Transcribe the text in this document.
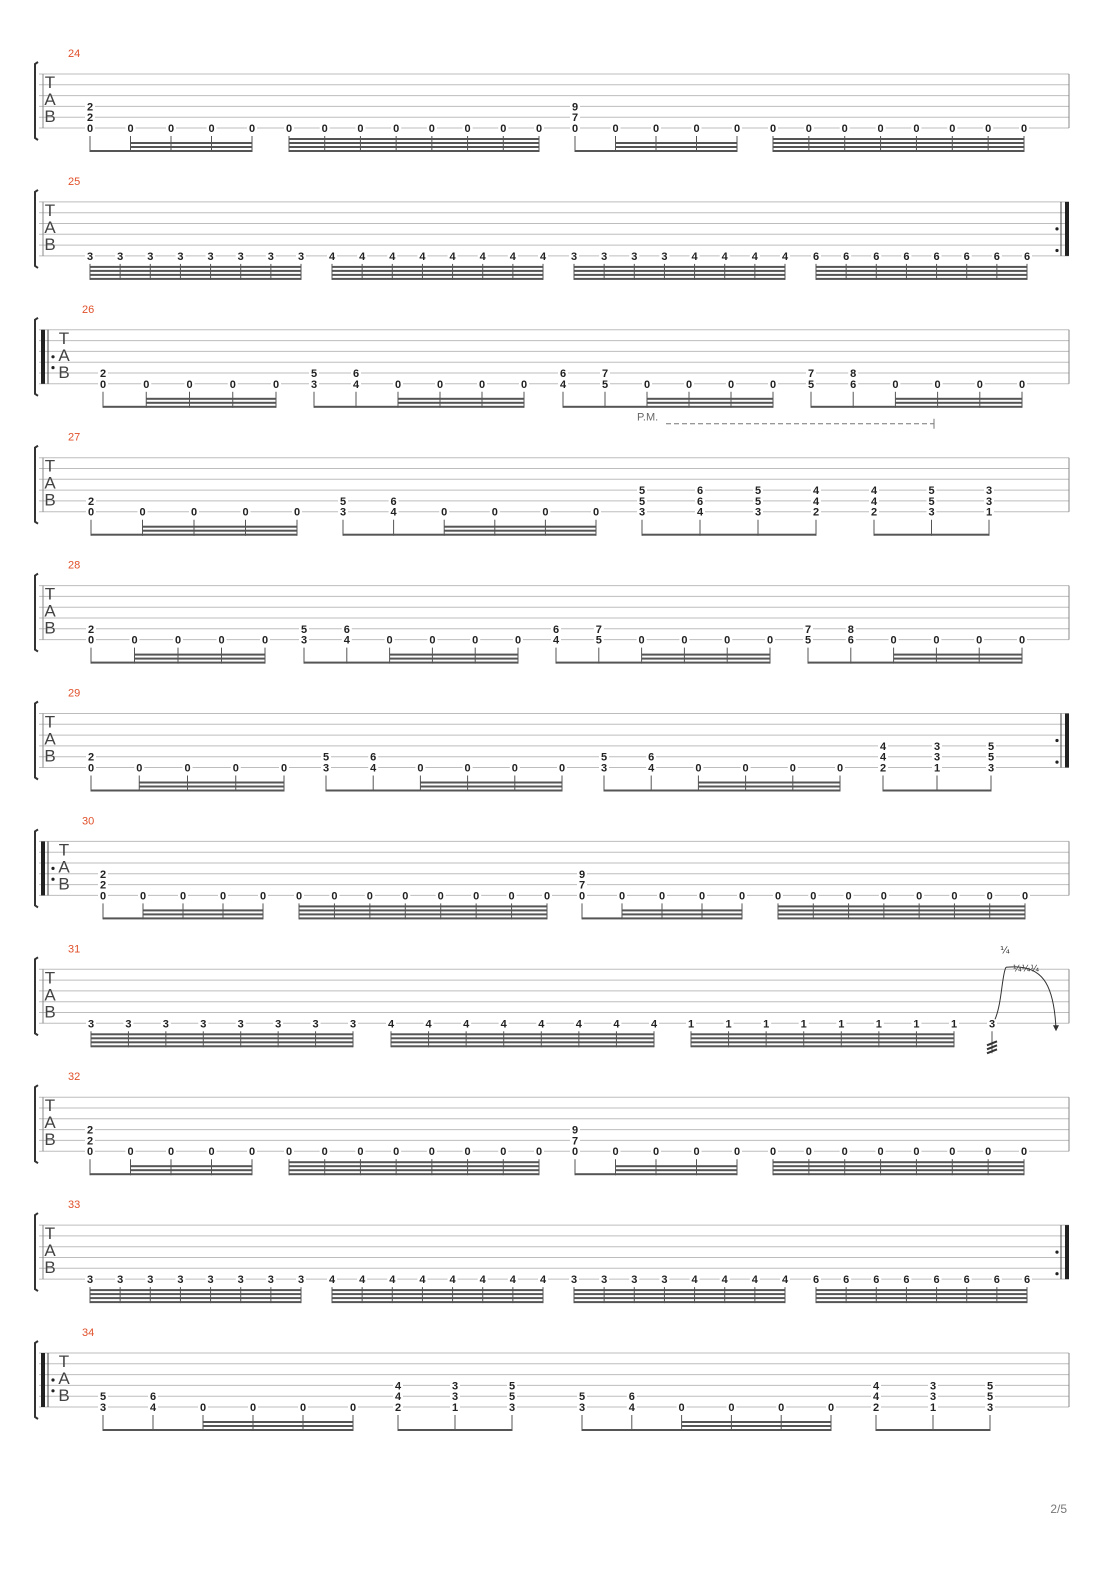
T
A
B
24
0
2
2
0	0	0	0	0	0	0	0	0	0	0	0	0
7
9
0	0	0	0	0	0	0	0	0	0	0	0
T
A
B
25
3 3 3 3 3 3 3 3 4 4 4 4 4 4 4 4 3 3 3 3 4 4 4 4 6 6 6 6 6 6 6 6
T
A
B
26
0
2
0	0	0	0	3
5
4
6
0	0	0	0	4
6
5
7
0	0	0	0	5
7
6
8
0	0	0	0
T
A
B
27
P.M.
0
2
0	0	0	0	3
5
4
6
0	0	0	0	3
5
5
4
6
6
3
5
5
2
4
4
2
4
4
3
5
5
1
3
3
T
A
B
28
0
2
0	0	0	0	3
5
4
6
0	0	0	0	4
6
5
7
0	0	0	0	5
7
6
8
0	0	0	0
T
A
B
29
0
2
0	0	0	0	3
5
4
6
0	0	0	0	3
5
4
6
0	0	0	0	2
4
4
1
3
3
3
5
5
T
A
B
30
0
2
2
0	0	0	0	0	0	0	0	0	0	0	0	0
7
9
0	0	0	0	0	0	0	0	0	0	0	0
T
A
B
31
3	3	3	3	3	3	3	3	4	4	4	4	4	4	4	4	1	1	1	1	1	1	1	1	3
¼
¼¼¼
T
A
B
32
0
2
2
0	0	0	0	0	0	0	0	0	0	0	0	0
7
9
0	0	0	0	0	0	0	0	0	0	0	0
T
A
B
33
3 3 3 3 3 3 3 3 4 4 4 4 4 4 4 4 3 3 3 3 4 4 4 4 6 6 6 6 6 6 6 6
T
A
B
34
3
5
4
6
0	0	0	0	2
4
4
1
3
3
3
5
5
3
5
4
6
0	0	0	0	2
4
4
1
3
3
3
5
5
2/5
